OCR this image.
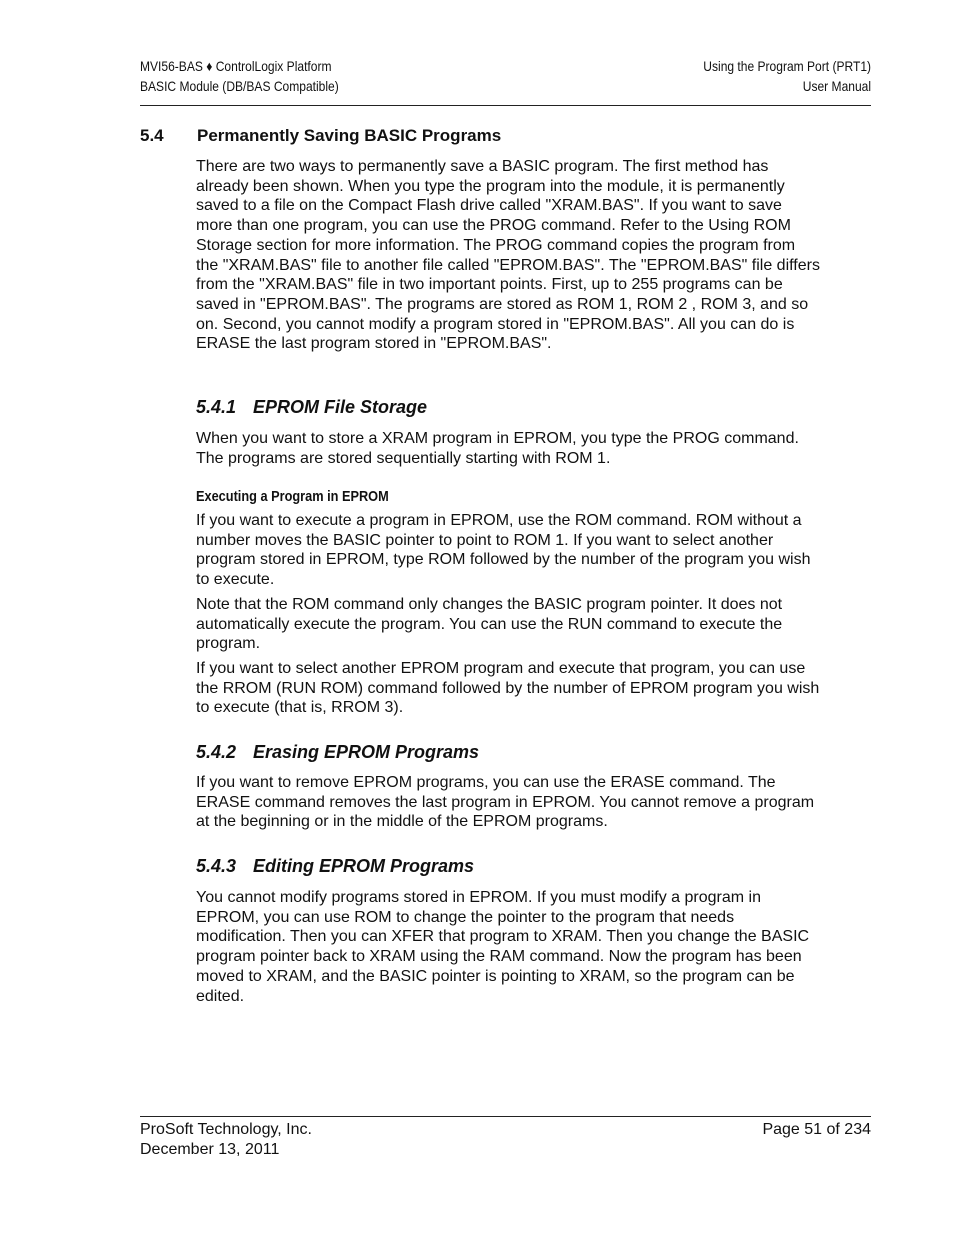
MVI56-BAS ♦ ControlLogix Platform
BASIC Module (DB/BAS Compatible)
Using the Program Port (PRT1)
User Manual
5.4 Permanently Saving BASIC Programs

There are two ways to permanently save a BASIC program. The first method has already been shown. When you type the program into the module, it is permanently saved to a file on the Compact Flash drive called "XRAM.BAS". If you want to save more than one program, you can use the PROG command. Refer to the Using ROM Storage section for more information. The PROG command copies the program from the "XRAM.BAS" file to another file called "EPROM.BAS". The "EPROM.BAS" file differs from the "XRAM.BAS" file in two important points. First, up to 255 programs can be saved in "EPROM.BAS". The programs are stored as ROM 1, ROM 2 , ROM 3, and so on. Second, you cannot modify a program stored in "EPROM.BAS". All you can do is ERASE the last program stored in "EPROM.BAS".

5.4.1 EPROM File Storage

When you want to store a XRAM program in EPROM, you type the PROG command. The programs are stored sequentially starting with ROM 1.

Executing a Program in EPROM

If you want to execute a program in EPROM, use the ROM command. ROM without a number moves the BASIC pointer to point to ROM 1. If you want to select another program stored in EPROM, type ROM followed by the number of the program you wish to execute.

Note that the ROM command only changes the BASIC program pointer. It does not automatically execute the program. You can use the RUN command to execute the program.

If you want to select another EPROM program and execute that program, you can use the RROM (RUN ROM) command followed by the number of EPROM program you wish to execute (that is, RROM 3).

5.4.2 Erasing EPROM Programs

If you want to remove EPROM programs, you can use the ERASE command. The ERASE command removes the last program in EPROM. You cannot remove a program at the beginning or in the middle of the EPROM programs.

5.4.3 Editing EPROM Programs

You cannot modify programs stored in EPROM. If you must modify a program in EPROM, you can use ROM to change the pointer to the program that needs modification. Then you can XFER that program to XRAM. Then you change the BASIC program pointer back to XRAM using the RAM command. Now the program has been moved to XRAM, and the BASIC pointer is pointing to XRAM, so the program can be edited.

ProSoft Technology, Inc.
December 13, 2011
Page 51 of 234
